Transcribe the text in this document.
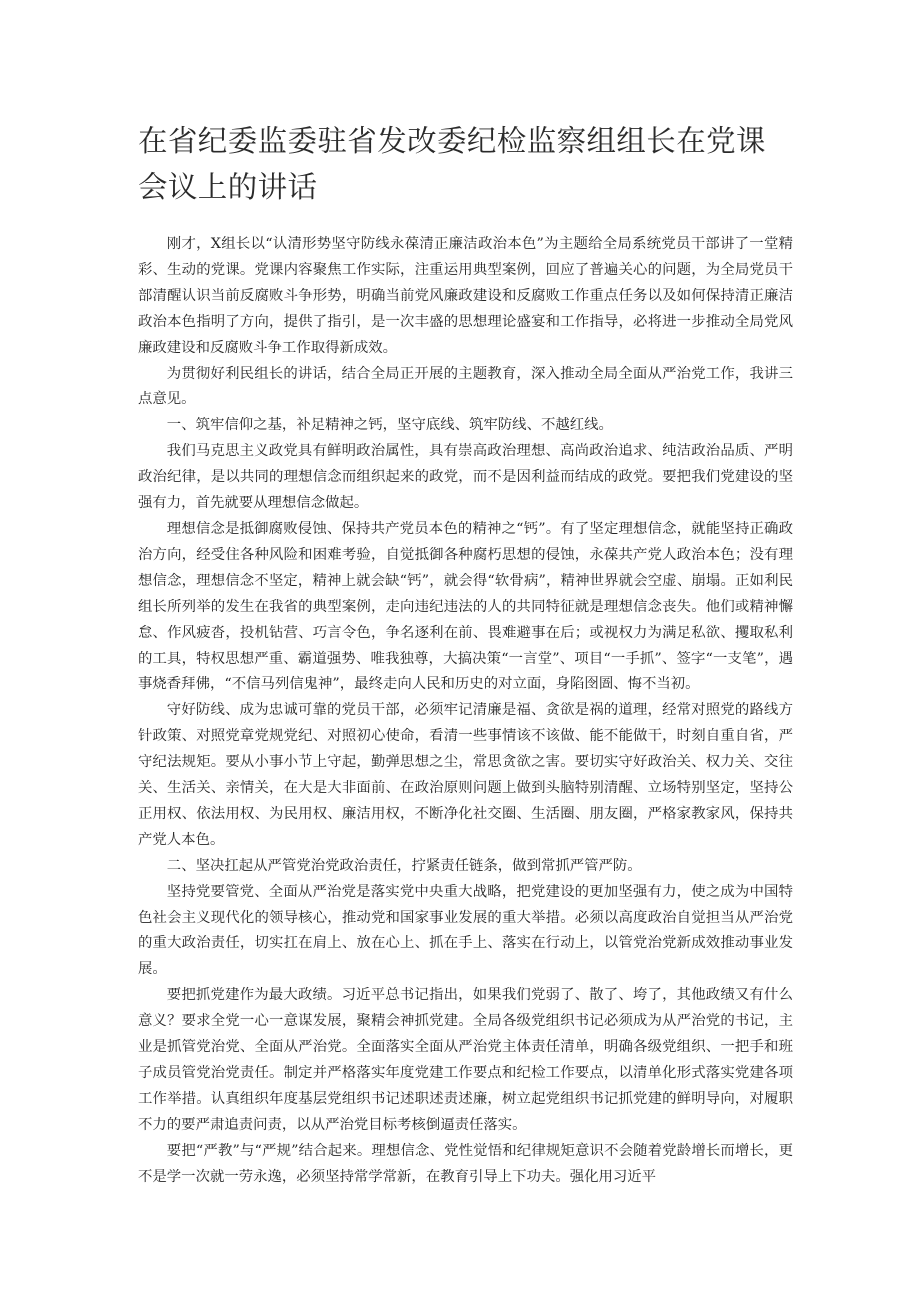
在省纪委监委驻省发改委纪检监察组组长在党课会议上的讲话

刚才，X组长以“认清形势坚守防线永葆清正廉洁政治本色”为主题给全局系统党员干部讲了一堂精彩、生动的党课。党课内容聚焦工作实际，注重运用典型案例，回应了普遍关心的问题，为全局党员干部清醒认识当前反腐败斗争形势，明确当前党风廉政建设和反腐败工作重点任务以及如何保持清正廉洁政治本色指明了方向，提供了指引，是一次丰盛的思想理论盛宴和工作指导，必将进一步推动全局党风廉政建设和反腐败斗争工作取得新成效。

为贯彻好利民组长的讲话，结合全局正开展的主题教育，深入推动全局全面从严治党工作，我讲三点意见。

一、筑牢信仰之基，补足精神之钙，坚守底线、筑牢防线、不越红线。

我们马克思主义政党具有鲜明政治属性，具有崇高政治理想、高尚政治追求、纯洁政治品质、严明政治纪律，是以共同的理想信念而组织起来的政党，而不是因利益而结成的政党。要把我们党建设的坚强有力，首先就要从理想信念做起。

理想信念是抵御腐败侵蚀、保持共产党员本色的精神之“钙”。有了坚定理想信念，就能坚持正确政治方向，经受住各种风险和困难考验，自觉抵御各种腐朽思想的侵蚀，永葆共产党人政治本色；没有理想信念，理想信念不坚定，精神上就会缺“钙”，就会得“软骨病”，精神世界就会空虚、崩塌。正如利民组长所列举的发生在我省的典型案例，走向违纪违法的人的共同特征就是理想信念丧失。他们或精神懈怠、作风疲沓，投机钻营、巧言令色，争名逐利在前、畏难避事在后；或视权力为满足私欲、攫取私利的工具，特权思想严重、霸道强势、唯我独尊，大搞决策“一言堂”、项目“一手抓”、签字“一支笔”，遇事烧香拜佛，“不信马列信鬼神”，最终走向人民和历史的对立面，身陷囹圄、悔不当初。

守好防线、成为忠诚可靠的党员干部，必须牢记清廉是福、贪欲是祸的道理，经常对照党的路线方针政策、对照党章党规党纪、对照初心使命，看清一些事情该不该做、能不能做干，时刻自重自省，严守纪法规矩。要从小事小节上守起，勤弹思想之尘，常思贪欲之害。要切实守好政治关、权力关、交往关、生活关、亲情关，在大是大非面前、在政治原则问题上做到头脑特别清醒、立场特别坚定，坚持公正用权、依法用权、为民用权、廉洁用权，不断净化社交圈、生活圈、朋友圈，严格家教家风，保持共产党人本色。

二、坚决扛起从严管党治党政治责任，拧紧责任链条，做到常抓严管严防。

坚持党要管党、全面从严治党是落实党中央重大战略，把党建设的更加坚强有力，使之成为中国特色社会主义现代化的领导核心，推动党和国家事业发展的重大举措。必须以高度政治自觉担当从严治党的重大政治责任，切实扛在肩上、放在心上、抓在手上、落实在行动上，以管党治党新成效推动事业发展。

要把抓党建作为最大政绩。习近平总书记指出，如果我们党弱了、散了、垮了，其他政绩又有什么意义？要求全党一心一意谋发展，聚精会神抓党建。全局各级党组织书记必须成为从严治党的书记，主业是抓管党治党、全面从严治党。全面落实全面从严治党主体责任清单，明确各级党组织、一把手和班子成员管党治党责任。制定并严格落实年度党建工作要点和纪检工作要点，以清单化形式落实党建各项工作举措。认真组织年度基层党组织书记述职述责述廉，树立起党组织书记抓党建的鲜明导向，对履职不力的要严肃追责问责，以从严治党目标考核倒逼责任落实。

要把“严教”与“严规”结合起来。理想信念、党性觉悟和纪律规矩意识不会随着党龄增长而增长，更不是学一次就一劳永逸，必须坚持常学常新，在教育引导上下功夫。强化用习近平
